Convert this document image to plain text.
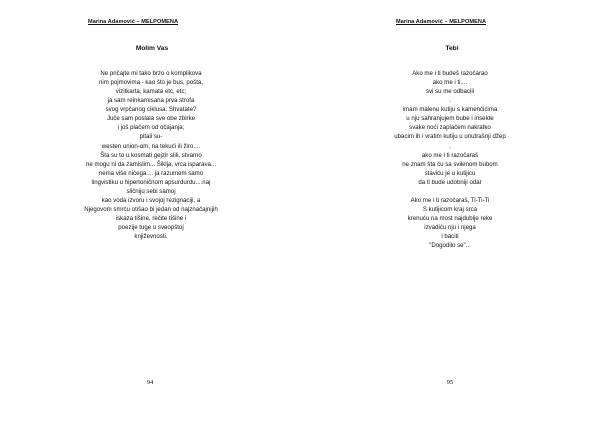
Marina Adamović – MELPOMENA
Molim Vas
Ne pričajte mi tako brzo o komplikova
nim pojmovima - kao što je bus, pošta,
vizitkarta, kamata etc, etc;
ja sam reinkarnisana prva strofa
svog vrpčanog ciklusa. Shvatate?
Juče sam poslala sve obe zbirke
i još plačem od očajanja;
pitali su-
westen union-om, na tekući ili žiro....
Šta su to u kosmati gejzir slili, stvarno
ne mogu ni da zamislim... Šiklja, vrca isparava...
nema više ničega.... ja razumem samo
lingvistiku u hipertoničnom apsurdurdu....naj
sličniju sebi samoj
kao voda izvoru i svojoj rezignaciji, a
Njegovom smrću otišao bi jedan od najznačajnijih
iskaza tišine, rečite tišine i
poezije tuge u sveopštoj
književnosti.
94
Marina Adamović – MELPOMENA
Tebi
Ako me i ti budeš razočarao
ako me i ti....
svi su me odbacili
.
imam malenu kutiju s kamenčićima
u nju sahranjujem bube i insekte
svake noći zaplačem nakratko
ubacim ih i vratim kutiju u unutrašnji džep
.
ako me i ti razočaraš
ne znam šta ću sa svilenom bubom
staviću je u kutijicu
da ti bude udobniji odar
Ako me i ti razočaraš, Ti-Ti-Ti
S kutijicom kraj srca
krenuću na most najdublje reke
izvadiću nju i njega
i baciti
"Dogodilo se"...
95
